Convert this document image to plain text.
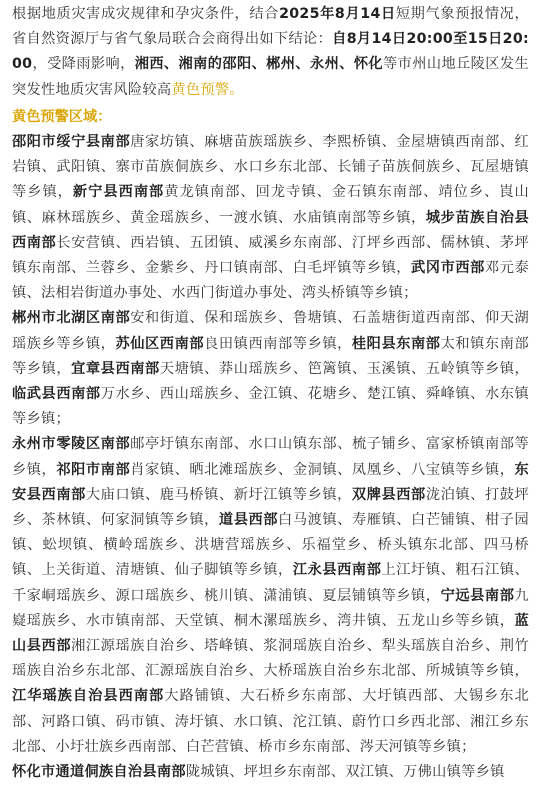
根据地质灾害成灾规律和孕灾条件，结合2025年8月14日短期气象预报情况，省自然资源厅与省气象局联合会商得出如下结论：自8月14日20:00至15日20:00，受降雨影响，湘西、湘南的邵阳、郴州、永州、怀化等市州山地丘陵区发生突发性地质灾害风险较高黄色预警。

黄色预警区域：

邵阳市绥宁县南部唐家坊镇、麻塘苗族瑶族乡、李熙桥镇、金屋塘镇西南部、红岩镇、武阳镇、寨市苗族侗族乡、水口乡东北部、长铺子苗族侗族乡、瓦屋塘镇等乡镇，新宁县西南部黄龙镇南部、回龙寺镇、金石镇东南部、靖位乡、崀山镇、麻林瑶族乡、黄金瑶族乡、一渡水镇、水庙镇南部等乡镇，城步苗族自治县西南部长安营镇、西岩镇、五团镇、威溪乡东南部、汀坪乡西部、儒林镇、茅坪镇东南部、兰蓉乡、金紫乡、丹口镇南部、白毛坪镇等乡镇，武冈市西部邓元泰镇、法相岩街道办事处、水西门街道办事处、湾头桥镇等乡镇；

郴州市北湖区南部安和街道、保和瑶族乡、鲁塘镇、石盖塘街道西南部、仰天湖瑶族乡等乡镇，苏仙区西南部良田镇西南部等乡镇，桂阳县东南部太和镇东南部等乡镇，宜章县西南部天塘镇、莽山瑶族乡、笆篱镇、玉溪镇、五岭镇等乡镇，临武县西南部万水乡、西山瑶族乡、金江镇、花塘乡、楚江镇、舜峰镇、水东镇等乡镇；

永州市零陵区南部邮亭圩镇东南部、水口山镇东部、梳子铺乡、富家桥镇南部等乡镇，祁阳市南部肖家镇、晒北滩瑶族乡、金洞镇、凤凰乡、八宝镇等乡镇，东安县西南部大庙口镇、鹿马桥镇、新圩江镇等乡镇，双牌县西部泷泊镇、打鼓坪乡、茶林镇、何家洞镇等乡镇，道县西部白马渡镇、寿雁镇、白芒铺镇、柑子园镇、蚣坝镇、横岭瑶族乡、洪塘营瑶族乡、乐福堂乡、桥头镇东北部、四马桥镇、上关街道、清塘镇、仙子脚镇等乡镇，江永县西南部上江圩镇、粗石江镇、千家峒瑶族乡、源口瑶族乡、桃川镇、潇浦镇、夏层铺镇等乡镇，宁远县南部九嶷瑶族乡、水市镇南部、天堂镇、桐木漯瑶族乡、湾井镇、五龙山乡等乡镇，蓝山县西部湘江源瑶族自治乡、塔峰镇、浆洞瑶族自治乡、犁头瑶族自治乡、荆竹瑶族自治乡东北部、汇源瑶族自治乡、大桥瑶族自治乡东北部、所城镇等乡镇，江华瑶族自治县西南部大路铺镇、大石桥乡东南部、大圩镇西部、大锡乡东北部、河路口镇、码市镇、涛圩镇、水口镇、沱江镇、蔚竹口乡西北部、湘江乡东北部、小圩壮族乡西南部、白芒营镇、桥市乡东南部、涔天河镇等乡镇；

怀化市通道侗族自治县南部陇城镇、坪坦乡东南部、双江镇、万佛山镇等乡镇
